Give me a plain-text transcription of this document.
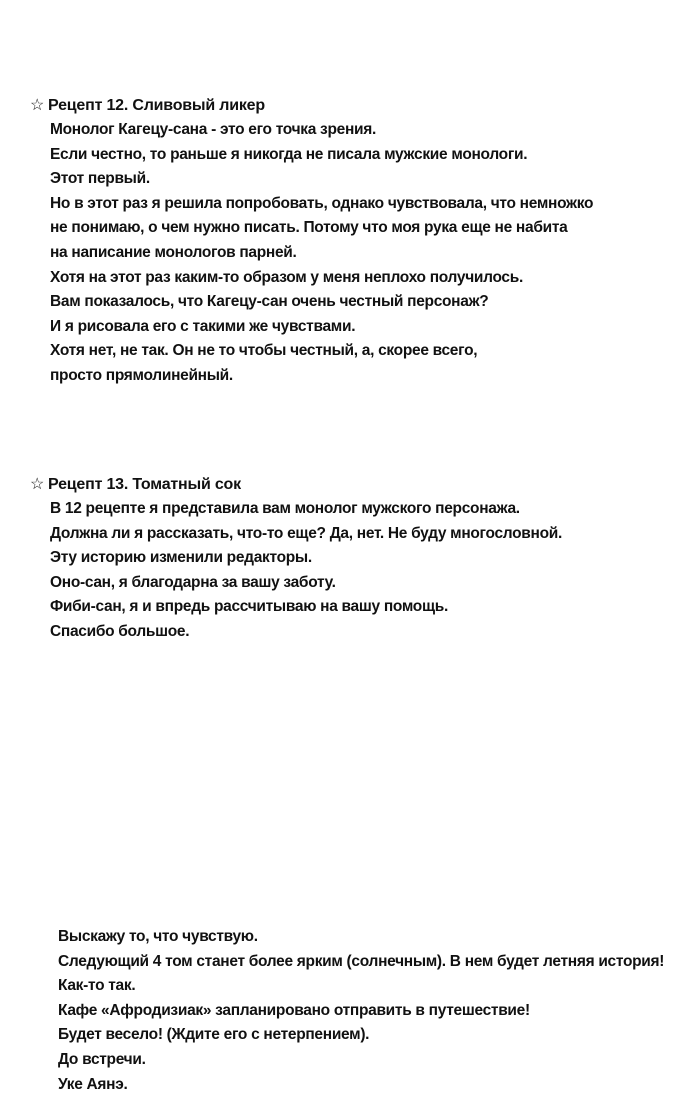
☆ Рецепт 12. Сливовый ликер
Монолог Кагецу-сана - это его точка зрения.
Если честно, то раньше я никогда не писала мужские монологи.
Этот первый.
Но в этот раз я решила попробовать, однако чувствовала, что немножко
не понимаю, о чем нужно писать. Потому что моя рука еще не набита
на написание монологов парней.
Хотя на этот раз каким-то образом у меня неплохо получилось.
Вам показалось, что Кагецу-сан очень честный персонаж?
И я рисовала его с такими же чувствами.
Хотя нет, не так. Он не то чтобы честный, а, скорее всего,
просто прямолинейный.
☆ Рецепт 13. Томатный сок
В 12 рецепте я представила вам монолог мужского персонажа.
Должна ли я рассказать, что-то еще? Да, нет. Не буду многословной.
Эту историю изменили редакторы.
Оно-сан, я благодарна за вашу заботу.
Фиби-сан, я и впредь рассчитываю на вашу помощь.
Спасибо большое.
Выскажу то, что чувствую.
Следующий 4 том станет более ярким (солнечным). В нем будет летняя история!
Как-то так.
Кафе «Афродизиак» запланировано отправить в путешествие!
Будет весело! (Ждите его с нетерпением).
До встречи.
Уке Аянэ.
